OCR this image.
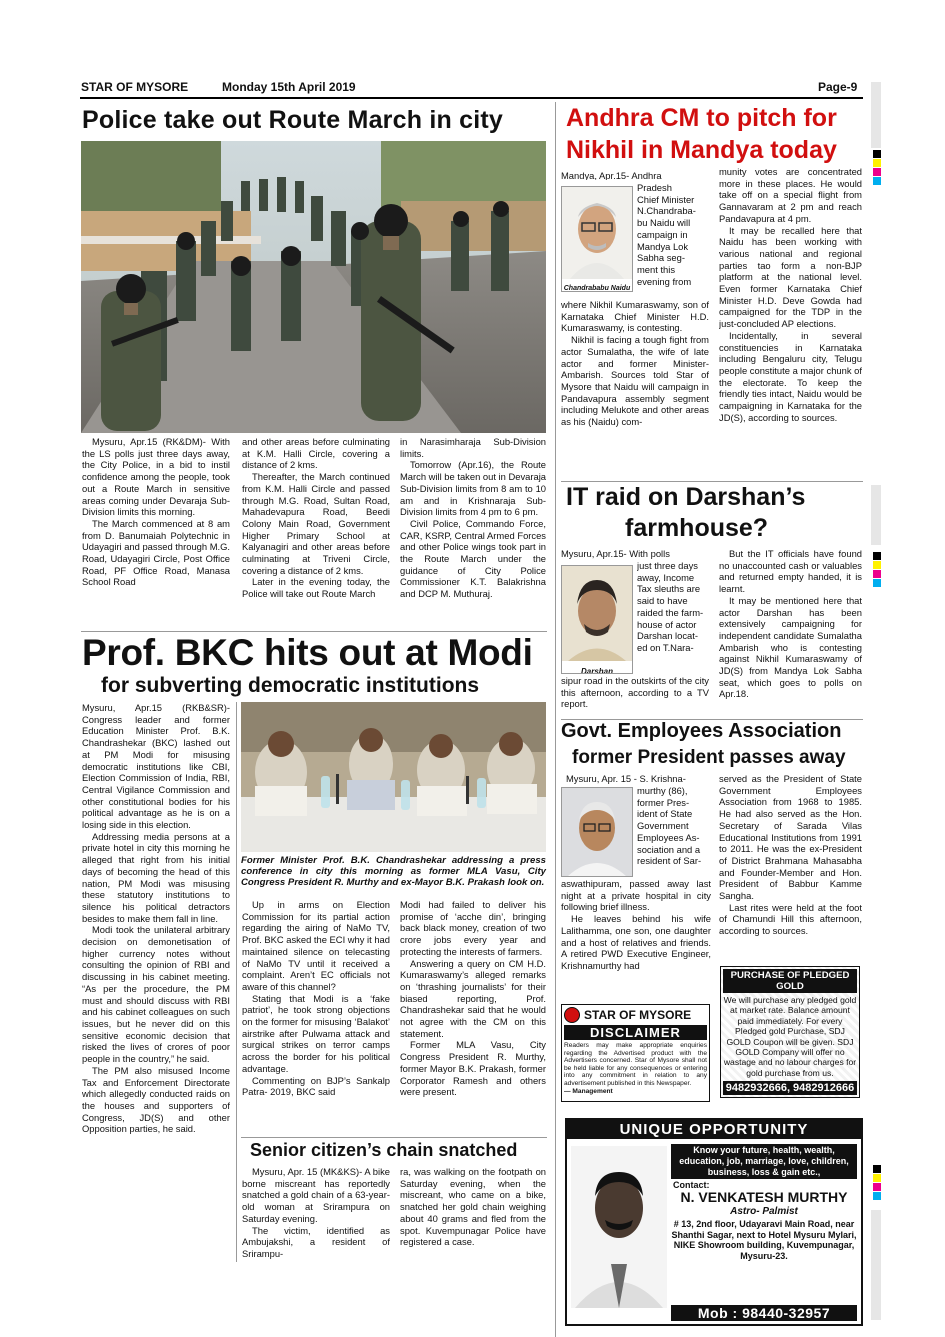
STAR OF MYSORE	Monday 15th April 2019	Page-9
Police take out Route March in city

Mysuru, Apr.15 (RK&DM)- With the LS polls just three days away, the City Police, in a bid to instil confidence among the people, took out a Route March in sensitive areas coming under Devaraja Sub-Division limits this morning.

The March commenced at 8 am from D. Banumaiah Polytechnic in Udayagiri and passed through M.G. Road, Udayagiri Circle, Post Office Road, PF Office Road, Manasa School Road

and other areas before culminating at K.M. Halli Circle, covering a distance of 2 kms.

Thereafter, the March continued from K.M. Halli Circle and passed through M.G. Road, Sultan Road, Mahadevapura Road, Beedi Colony Main Road, Government Higher Primary School at Kalyanagiri and other areas before culminating at Triveni Circle, covering a distance of 2 kms.

Later in the evening today, the Police will take out Route March

in Narasimharaja Sub-Division limits.

Tomorrow (Apr.16), the Route March will be taken out in Devaraja Sub-Division limits from 8 am to 10 am and in Krishnaraja Sub-Division limits from 4 pm to 6 pm.

Civil Police, Commando Force, CAR, KSRP, Central Armed Forces and other Police wings took part in the Route March under the guidance of City Police Commissioner K.T. Balakrishna and DCP M. Muthuraj.

Andhra CM to pitch for
Nikhil in Mandya today
Chandrababu Naidu
Mandya, Apr.15- Andhra
Pradesh
Chief Minister
N.Chandraba-
bu Naidu will
campaign in
Mandya Lok
Sabha seg-
ment this
evening from

where Nikhil Kumaraswamy, son of Karnataka Chief Minister H.D. Kumaraswamy, is contesting.

Nikhil is facing a tough fight from actor Sumalatha, the wife of late actor and former Minister-Ambarish. Sources told Star of Mysore that Naidu will campaign in Pandavapura assembly segment including Melukote and other areas as his (Naidu) com-

munity votes are concentrated more in these places. He would take off on a special flight from Gannavaram at 2 pm and reach Pandavapura at 4 pm.

It may be recalled here that Naidu has been working with various national and regional parties tao form a non-BJP platform at the national level. Even former Karnataka Chief Minister H.D. Deve Gowda had campaigned for the TDP in the just-concluded AP elections.

Incidentally, in several constituencies in Karnataka including Bengaluru city, Telugu people constitute a major chunk of the electorate. To keep the friendly ties intact, Naidu would be campaigning in Karnataka for the JD(S), according to sources.

IT raid on Darshan’s
farmhouse?
Mysuru, Apr.15- With polls
Darshan
just three days
away, Income
Tax sleuths are
said to have
raided the farm-
house of actor
Darshan locat-
ed on T.Nara-

sipur road in the outskirts of the city this afternoon, according to a TV report.

But the IT officials have found no unaccounted cash or valuables and returned empty handed, it is learnt.

It may be mentioned here that actor Darshan has been extensively campaigning for independent candidate Sumalatha Ambarish who is contesting against Nikhil Kumaraswamy of JD(S) from Mandya Lok Sabha seat, which goes to polls on Apr.18.

Prof. BKC hits out at Modi
for subverting democratic institutions

Mysuru, Apr.15 (RKB&SR)- Congress leader and former Education Minister Prof. B.K. Chandrashekar (BKC) lashed out at PM Modi for misusing democratic institutions like CBI, Election Commission of India, RBI, Central Vigilance Commission and other constitutional bodies for his political advantage as he is on a losing side in this election.

Addressing media persons at a private hotel in city this morning he alleged that right from his initial days of becoming the head of this nation, PM Modi was misusing these statutory institutions to silence his political detractors besides to make them fall in line.

Modi took the unilateral arbitrary decision on demonetisation of higher currency notes without consulting the opinion of RBI and discussing in his cabinet meeting. “As per the procedure, the PM must and should discuss with RBI and his cabinet colleagues on such issues, but he never did on this sensitive economic decision that risked the lives of crores of poor people in the country,” he said.

The PM also misused Income Tax and Enforcement Directorate which allegedly conducted raids on the houses and supporters of Congress, JD(S) and other Opposition parties, he said.

Former Minister Prof. B.K. Chandrashekar addressing a press conference in city this morning as former MLA Vasu, City Congress President R. Murthy and ex-Mayor B.K. Prakash look on.

Up in arms on Election Commission for its partial action regarding the airing of NaMo TV, Prof. BKC asked the ECI why it had maintained silence on telecasting of NaMo TV until it received a complaint. Aren’t EC officials not aware of this channel?

Stating that Modi is a ‘fake patriot’, he took strong objections on the former for misusing ‘Balakot’ airstrike after Pulwama attack and surgical strikes on terror camps across the border for his political advantage.

Commenting on BJP’s Sankalp Patra- 2019, BKC said

Modi had failed to deliver his promise of ‘acche din’, bringing back black money, creation of two crore jobs every year and protecting the interests of farmers.

Answering a query on CM H.D. Kumaraswamy’s alleged remarks on ‘thrashing journalists’ for their biased reporting, Prof. Chandrashekar said that he would not agree with the CM on this statement.

Former MLA Vasu, City Congress President R. Murthy, former Mayor B.K. Prakash, former Corporator Ramesh and others were present.

Senior citizen’s chain snatched

Mysuru, Apr. 15 (MK&KS)- A bike borne miscreant has reportedly snatched a gold chain of a 63-year-old woman at Srirampura on Saturday evening.

The victim, identified as Ambujakshi, a resident of Srirampu-

ra, was walking on the footpath on Saturday evening, when the miscreant, who came on a bike, snatched her gold chain weighing about 40 grams and fled from the spot. Kuvempunagar Police have registered a case.

Govt. Employees Association
former President passes away
Mysuru, Apr. 15 - S. Krishna-
murthy (86),
former Pres-
ident of State
Government
Employees As-
sociation and a
resident of Sar-

aswathipuram, passed away last night at a private hospital in city following brief illness.

He leaves behind his wife Lalithamma, one son, one daughter and a host of relatives and friends. A retired PWD Executive Engineer, Krishnamurthy had

served as the President of State Government Employees Association from 1968 to 1985. He had also served as the Hon. Secretary of Sarada Vilas Educational Institutions from 1991 to 2011. He was the ex-President of District Brahmana Mahasabha and Founder-Member and Hon. President of Babbur Kamme Sangha.

Last rites were held at the foot of Chamundi Hill this afternoon, according to sources.

STAR OF MYSORE
DISCLAIMER
Readers may make appropriate enquiries regarding the Advertised product with the Advertisers concerned. Star of Mysore shall not be held liable for any consequences or entering into any commitment in relation to any advertisement published in this Newspaper.
— Management
PURCHASE OF PLEDGED GOLD
We will purchase any pledged gold at market rate. Balance amount paid immediately. For every Pledged gold Purchase, SDJ GOLD Coupon will be given. SDJ GOLD Company will offer no wastage and no labour charges for gold purchase from us.
9482932666, 9482912666
UNIQUE OPPORTUNITY
Know your future, health, wealth, education, job, marriage, love, children, business, loss & gain etc.,
Contact:
N. VENKATESH MURTHY
Astro- Palmist
# 13, 2nd floor, Udayaravi Main Road, near Shanthi Sagar, next to Hotel Mysuru Mylari, NIKE Showroom building, Kuvempunagar, Mysuru-23.
Mob : 98440-32957
